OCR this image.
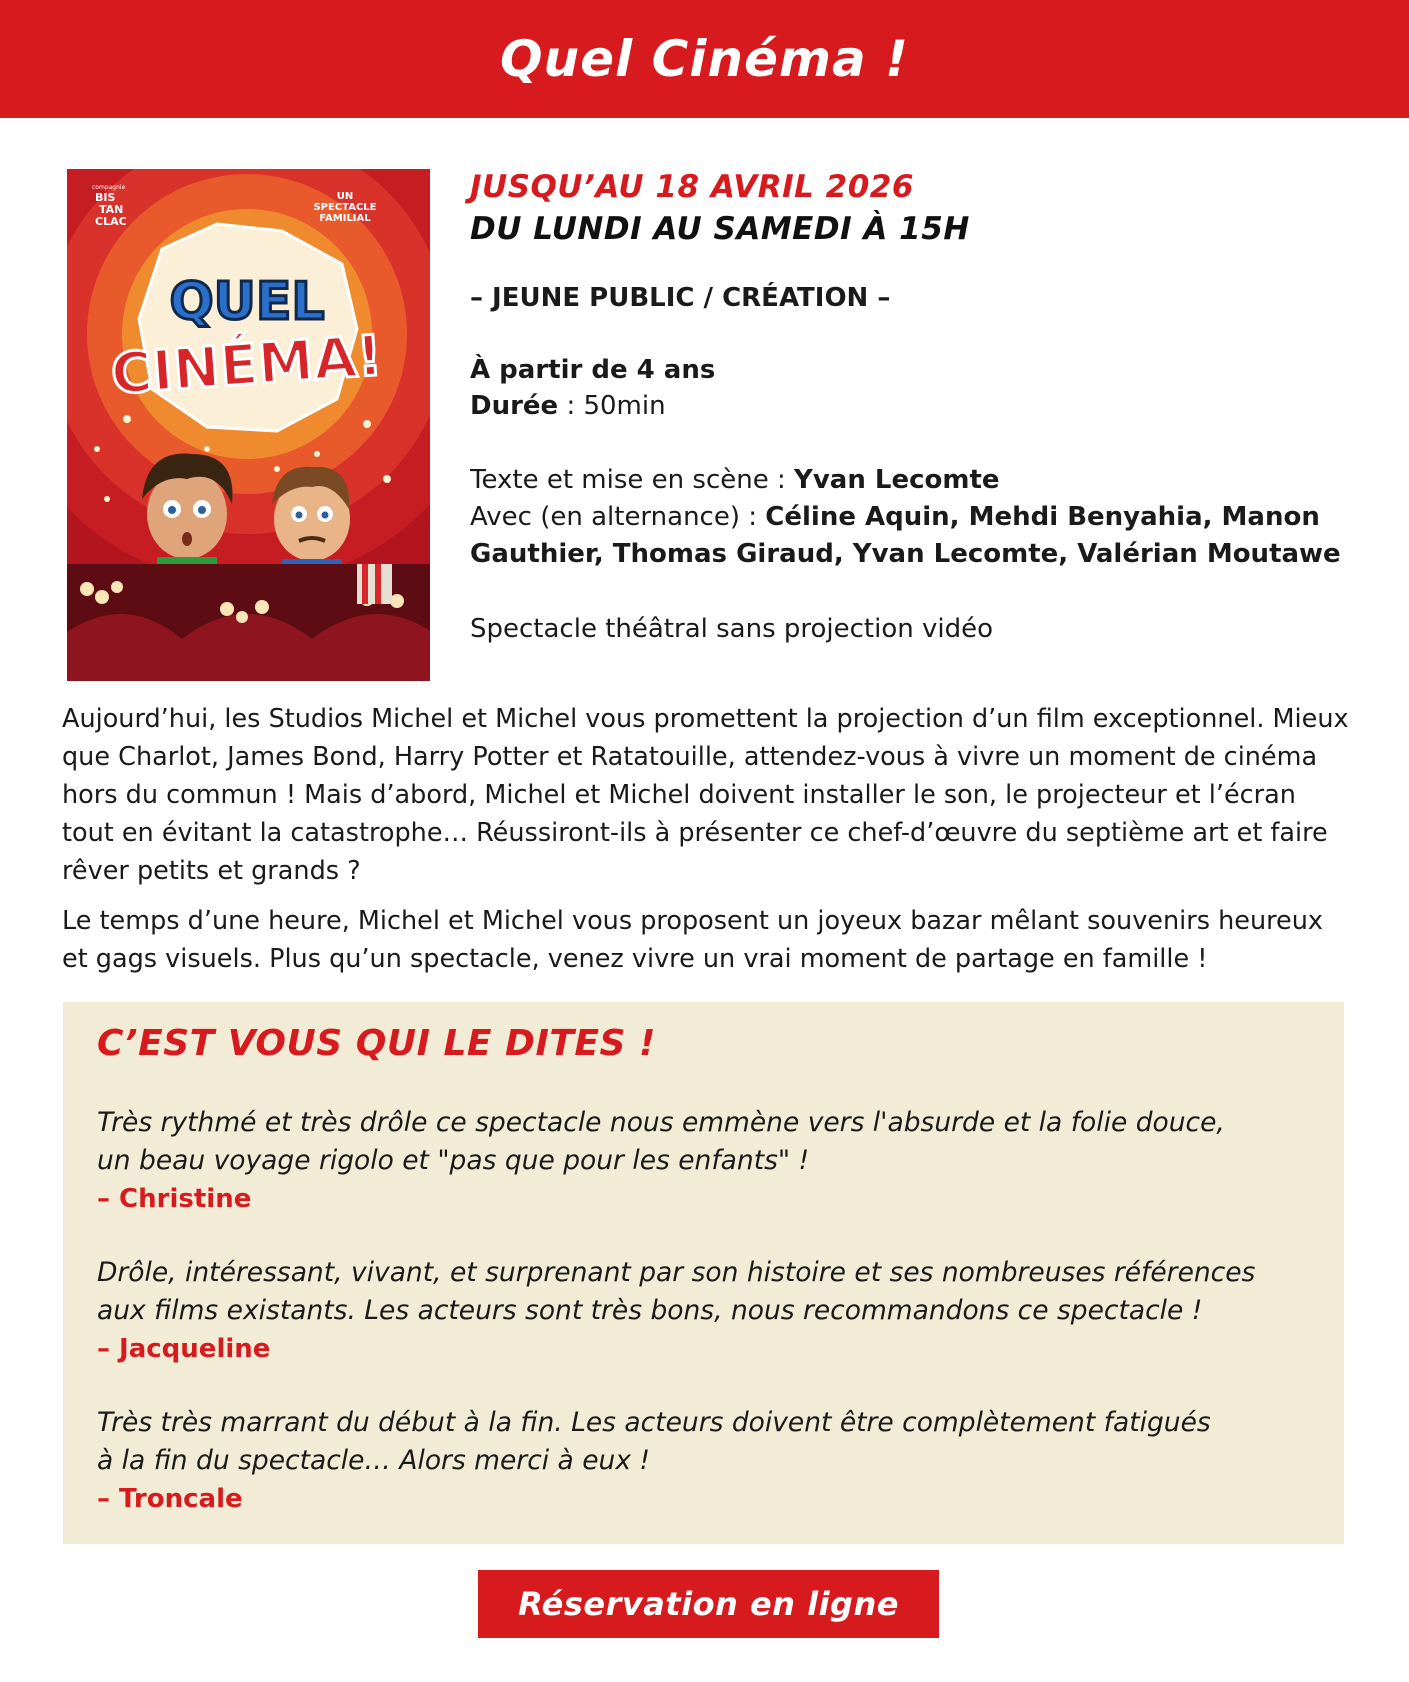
Quel Cinéma !
QUEL
CINÉMA!
compagnie
BIS
TAN
CLAC
UN
SPECTACLE
FAMILIAL
JUSQU’AU 18 AVRIL 2026
DU LUNDI AU SAMEDI À 15H
– JEUNE PUBLIC / CRÉATION –
À partir de 4 ans
Durée : 50min
Texte et mise en scène : Yvan Lecomte
Avec (en alternance) : Céline Aquin, Mehdi Benyahia, Manon Gauthier, Thomas Giraud, Yvan Lecomte, Valérian Moutawe
Spectacle théâtral sans projection vidéo

Aujourd’hui, les Studios Michel et Michel vous promettent la projection d’un film exceptionnel. Mieux que Charlot, James Bond, Harry Potter et Ratatouille, attendez-vous à vivre un moment de cinéma hors du commun ! Mais d’abord, Michel et Michel doivent installer le son, le projecteur et l’écran tout en évitant la catastrophe… Réussiront-ils à présenter ce chef-d’œuvre du septième art et faire rêver petits et grands ?

Le temps d’une heure, Michel et Michel vous proposent un joyeux bazar mêlant souvenirs heureux et gags visuels. Plus qu’un spectacle, venez vivre un vrai moment de partage en famille !

C’EST VOUS QUI LE DITES !
Très rythmé et très drôle ce spectacle nous emmène vers l'absurde et la folie douce,
un beau voyage rigolo et "pas que pour les enfants" !
– Christine
Drôle, intéressant, vivant, et surprenant par son histoire et ses nombreuses références
aux films existants. Les acteurs sont très bons, nous recommandons ce spectacle !
– Jacqueline
Très très marrant du début à la fin. Les acteurs doivent être complètement fatigués
à la fin du spectacle… Alors merci à eux !
– Troncale
Réservation en ligne
